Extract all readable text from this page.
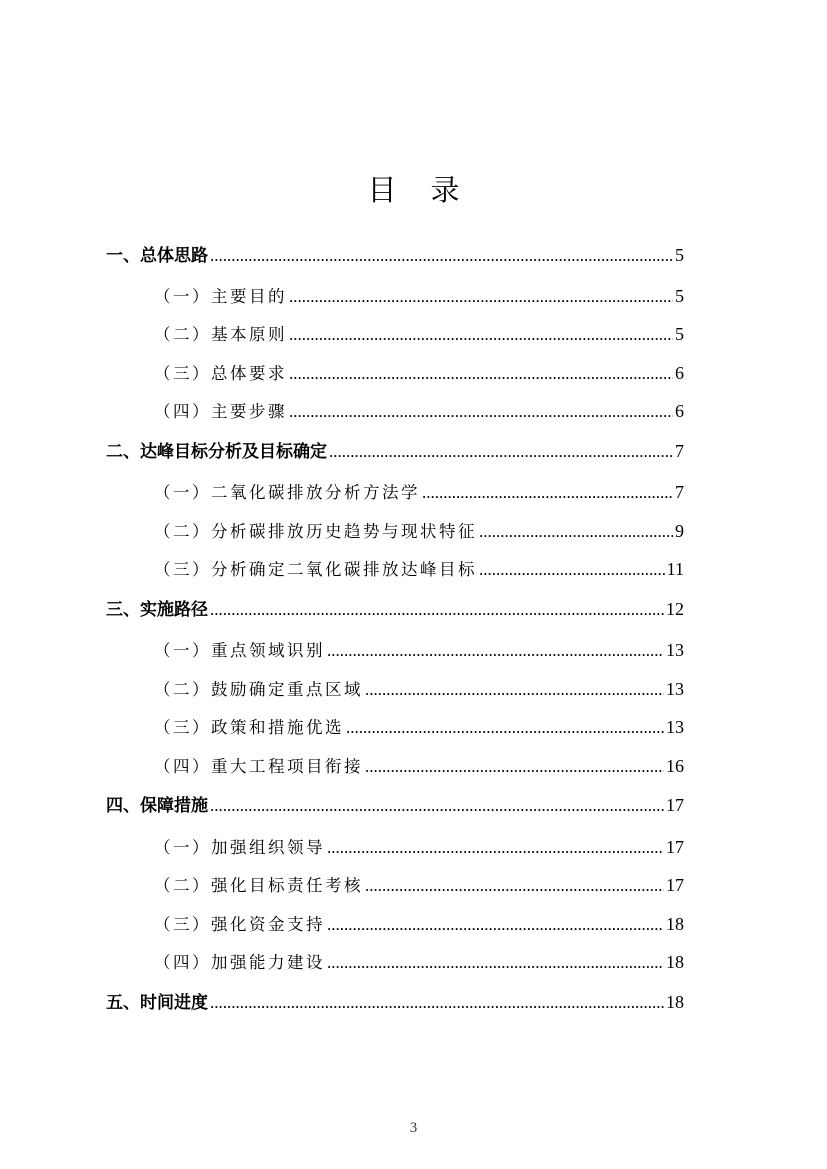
目 录
一、总体思路 .....	5
（一）主要目的 .....	5
（二）基本原则 .....	5
（三）总体要求 .....	6
（四）主要步骤 .....	6
二、达峰目标分析及目标确定 .....	7
（一）二氧化碳排放分析方法学 .....	7
（二）分析碳排放历史趋势与现状特征 .....	9
（三）分析确定二氧化碳排放达峰目标 .....	11
三、实施路径 .....	12
（一）重点领域识别 .....	13
（二）鼓励确定重点区域 .....	13
（三）政策和措施优选 .....	13
（四）重大工程项目衔接 .....	16
四、保障措施 .....	17
（一）加强组织领导 .....	17
（二）强化目标责任考核 .....	17
（三）强化资金支持 .....	18
（四）加强能力建设 .....	18
五、时间进度 .....	18
3
